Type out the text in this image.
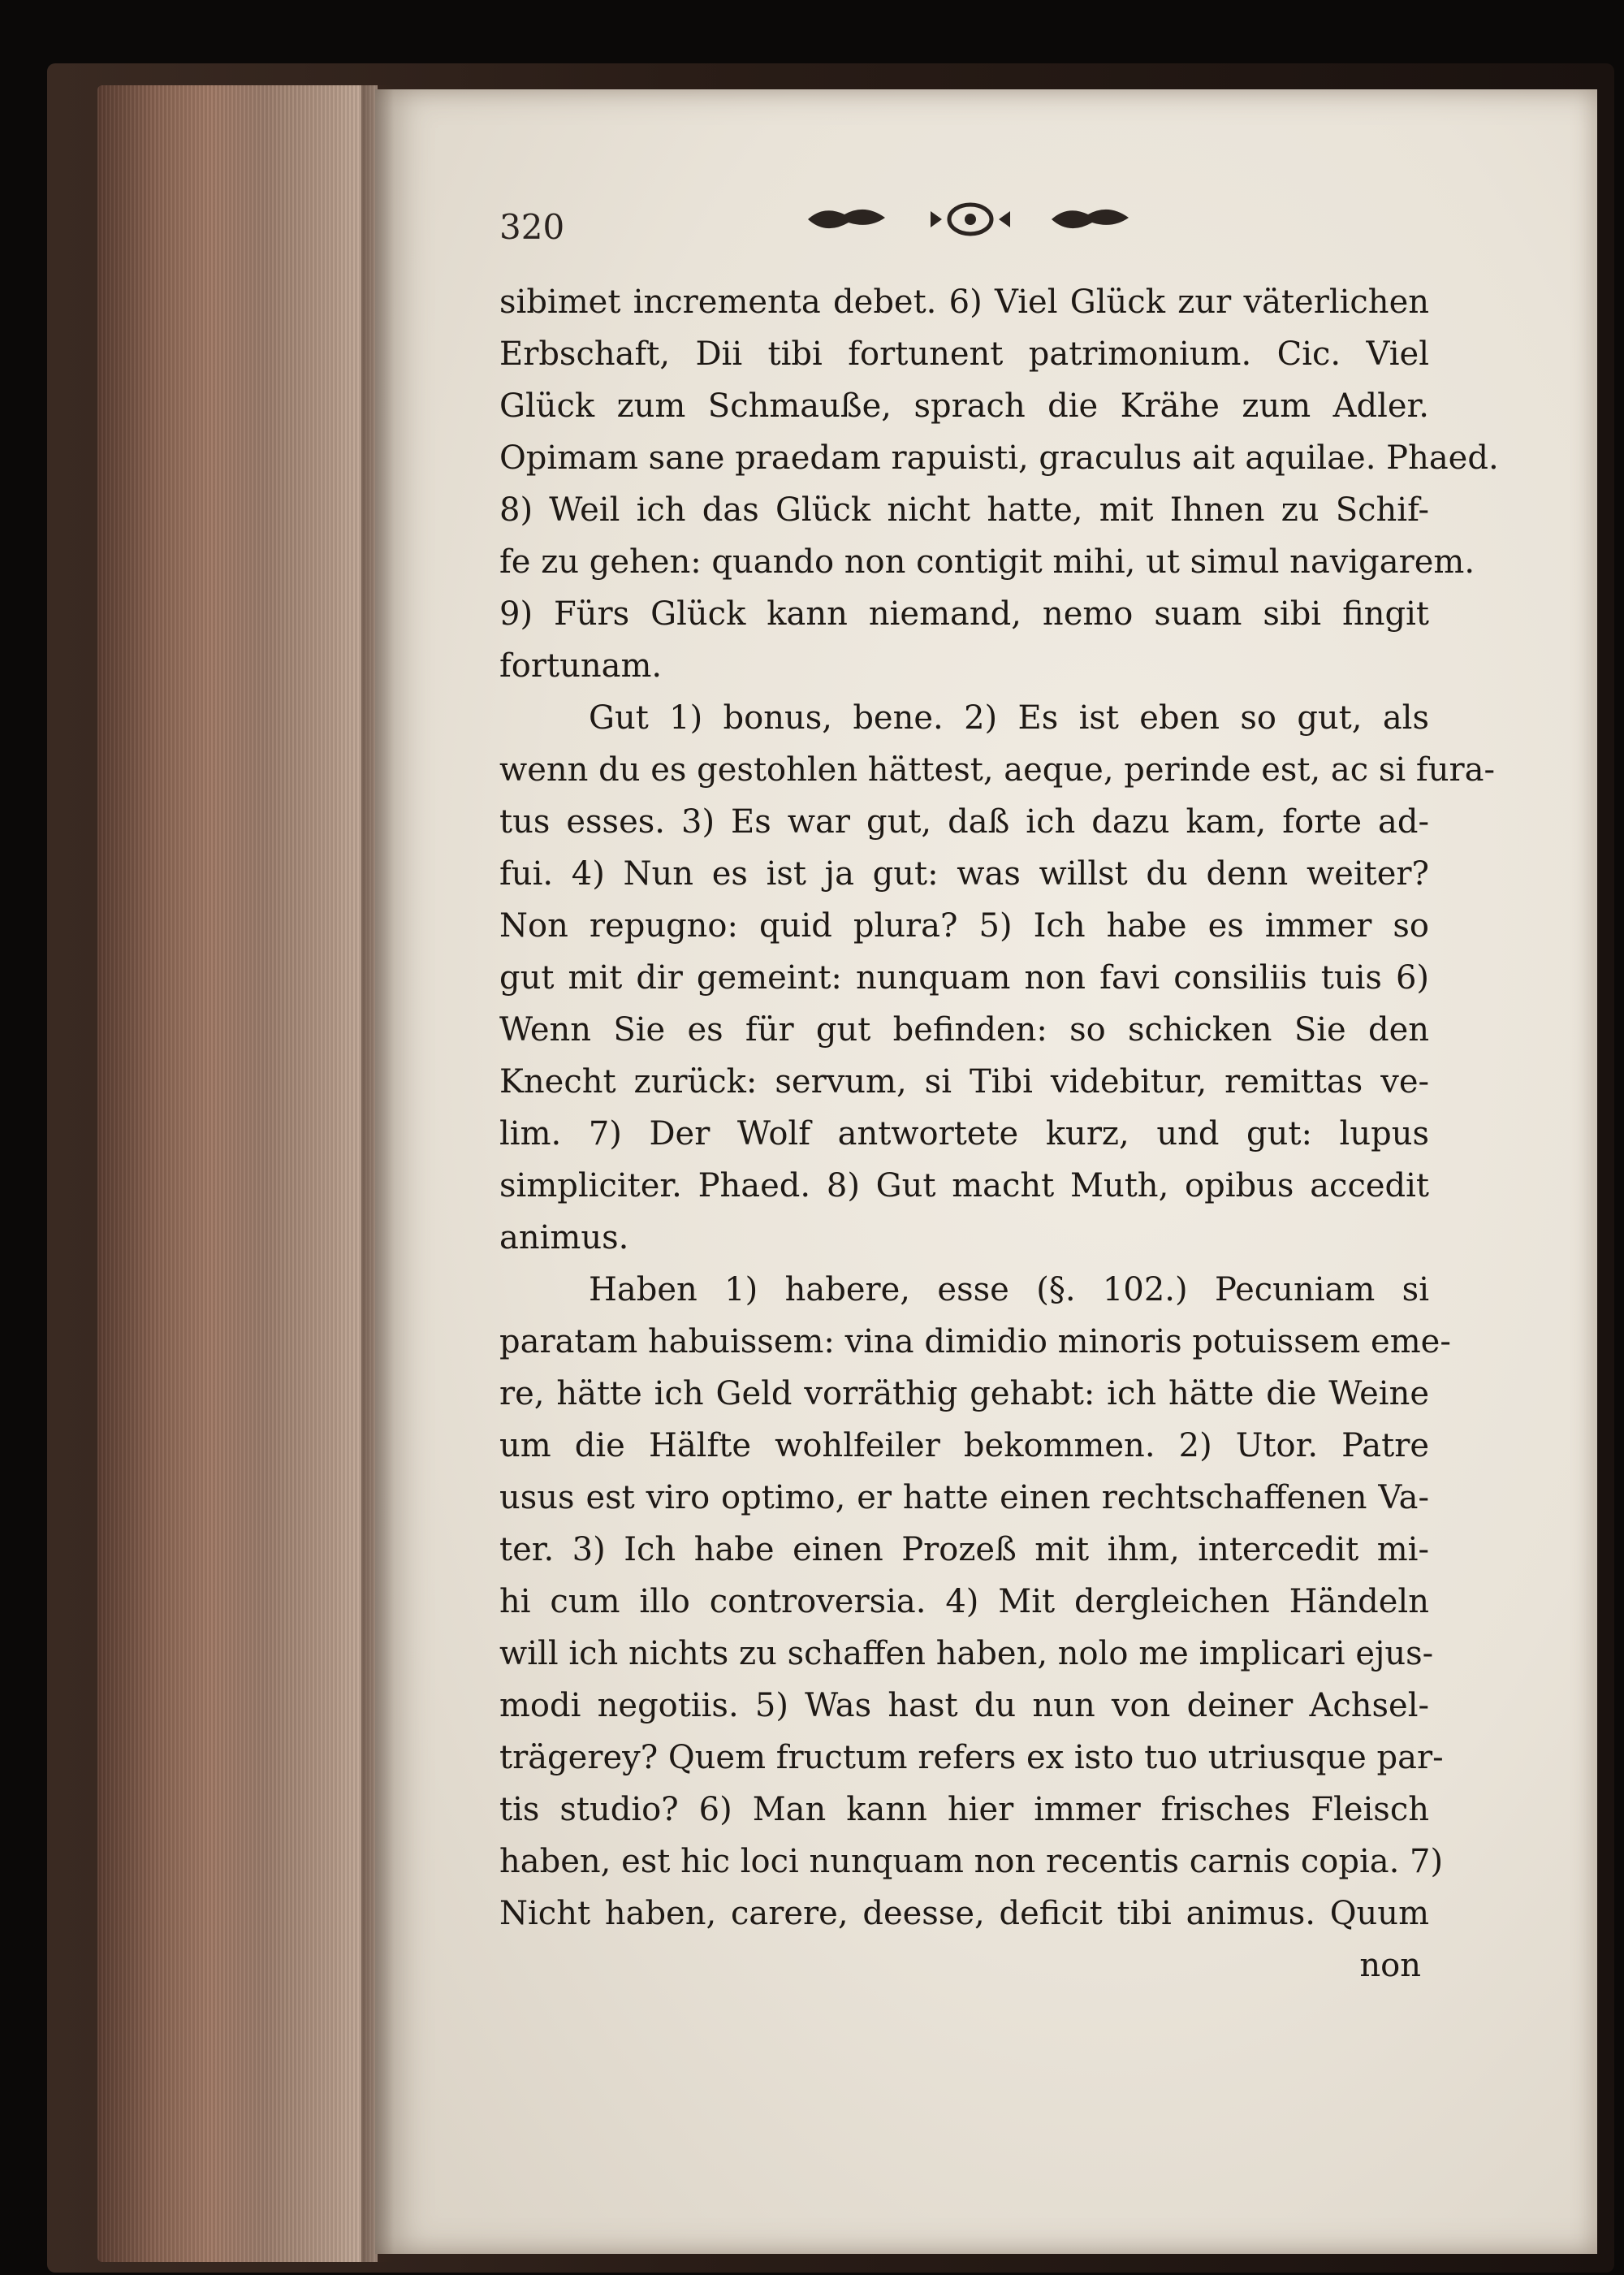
320
sibimet incrementa debet. 6) Viel Glück zur väterlichen
Erbschaft, Dii tibi fortunent patrimonium. Cic. Viel
Glück zum Schmauße, sprach die Krähe zum Adler.
Opimam sane praedam rapuisti, graculus ait aquilae. Phaed.
8) Weil ich das Glück nicht hatte, mit Ihnen zu Schif-
fe zu gehen: quando non contigit mihi, ut simul navigarem.
9) Fürs Glück kann niemand, nemo suam sibi fingit
fortunam.
Gut 1) bonus, bene. 2) Es ist eben so gut, als
wenn du es gestohlen hättest, aeque, perinde est, ac si fura-
tus esses. 3) Es war gut, daß ich dazu kam, forte ad-
fui. 4) Nun es ist ja gut: was willst du denn weiter?
Non repugno: quid plura? 5) Ich habe es immer so
gut mit dir gemeint: nunquam non favi consiliis tuis 6)
Wenn Sie es für gut befinden: so schicken Sie den
Knecht zurück: servum, si Tibi videbitur, remittas ve-
lim. 7) Der Wolf antwortete kurz, und gut: lupus
simpliciter. Phaed. 8) Gut macht Muth, opibus accedit
animus.
Haben 1) habere, esse (§. 102.) Pecuniam si
paratam habuissem: vina dimidio minoris potuissem eme-
re, hätte ich Geld vorräthig gehabt: ich hätte die Weine
um die Hälfte wohlfeiler bekommen. 2) Utor. Patre
usus est viro optimo, er hatte einen rechtschaffenen Va-
ter. 3) Ich habe einen Prozeß mit ihm, intercedit mi-
hi cum illo controversia. 4) Mit dergleichen Händeln
will ich nichts zu schaffen haben, nolo me implicari ejus-
modi negotiis. 5) Was hast du nun von deiner Achsel-
trägerey? Quem fructum refers ex isto tuo utriusque par-
tis studio? 6) Man kann hier immer frisches Fleisch
haben, est hic loci nunquam non recentis carnis copia. 7)
Nicht haben, carere, deesse, deficit tibi animus. Quum
non
